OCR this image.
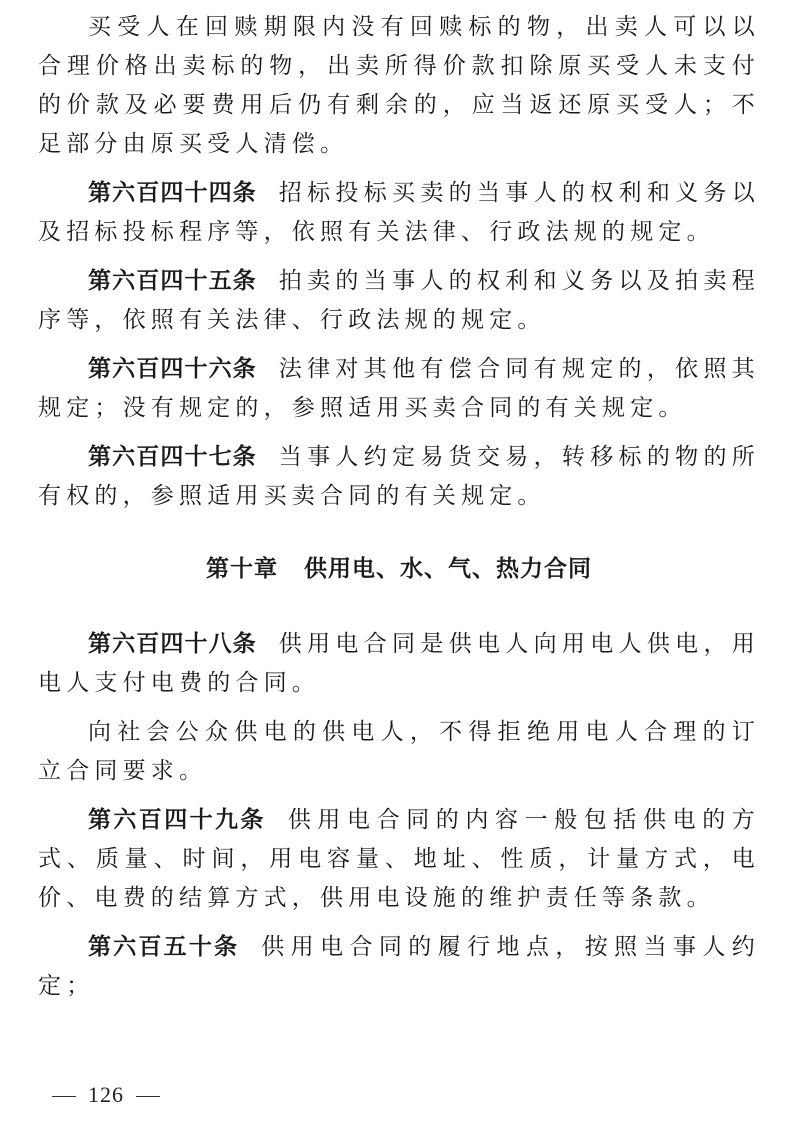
买受人在回赎期限内没有回赎标的物，出卖人可以以合理价格出卖标的物，出卖所得价款扣除原买受人未支付的价款及必要费用后仍有剩余的，应当返还原买受人；不足部分由原买受人清偿。

第六百四十四条 招标投标买卖的当事人的权利和义务以及招标投标程序等，依照有关法律、行政法规的规定。

第六百四十五条 拍卖的当事人的权利和义务以及拍卖程序等，依照有关法律、行政法规的规定。

第六百四十六条 法律对其他有偿合同有规定的，依照其规定；没有规定的，参照适用买卖合同的有关规定。

第六百四十七条 当事人约定易货交易，转移标的物的所有权的，参照适用买卖合同的有关规定。

第十章 供用电、水、气、热力合同

第六百四十八条 供用电合同是供电人向用电人供电，用电人支付电费的合同。

向社会公众供电的供电人，不得拒绝用电人合理的订立合同要求。

第六百四十九条 供用电合同的内容一般包括供电的方式、质量、时间，用电容量、地址、性质，计量方式，电价、电费的结算方式，供用电设施的维护责任等条款。

第六百五十条 供用电合同的履行地点，按照当事人约定；

126
